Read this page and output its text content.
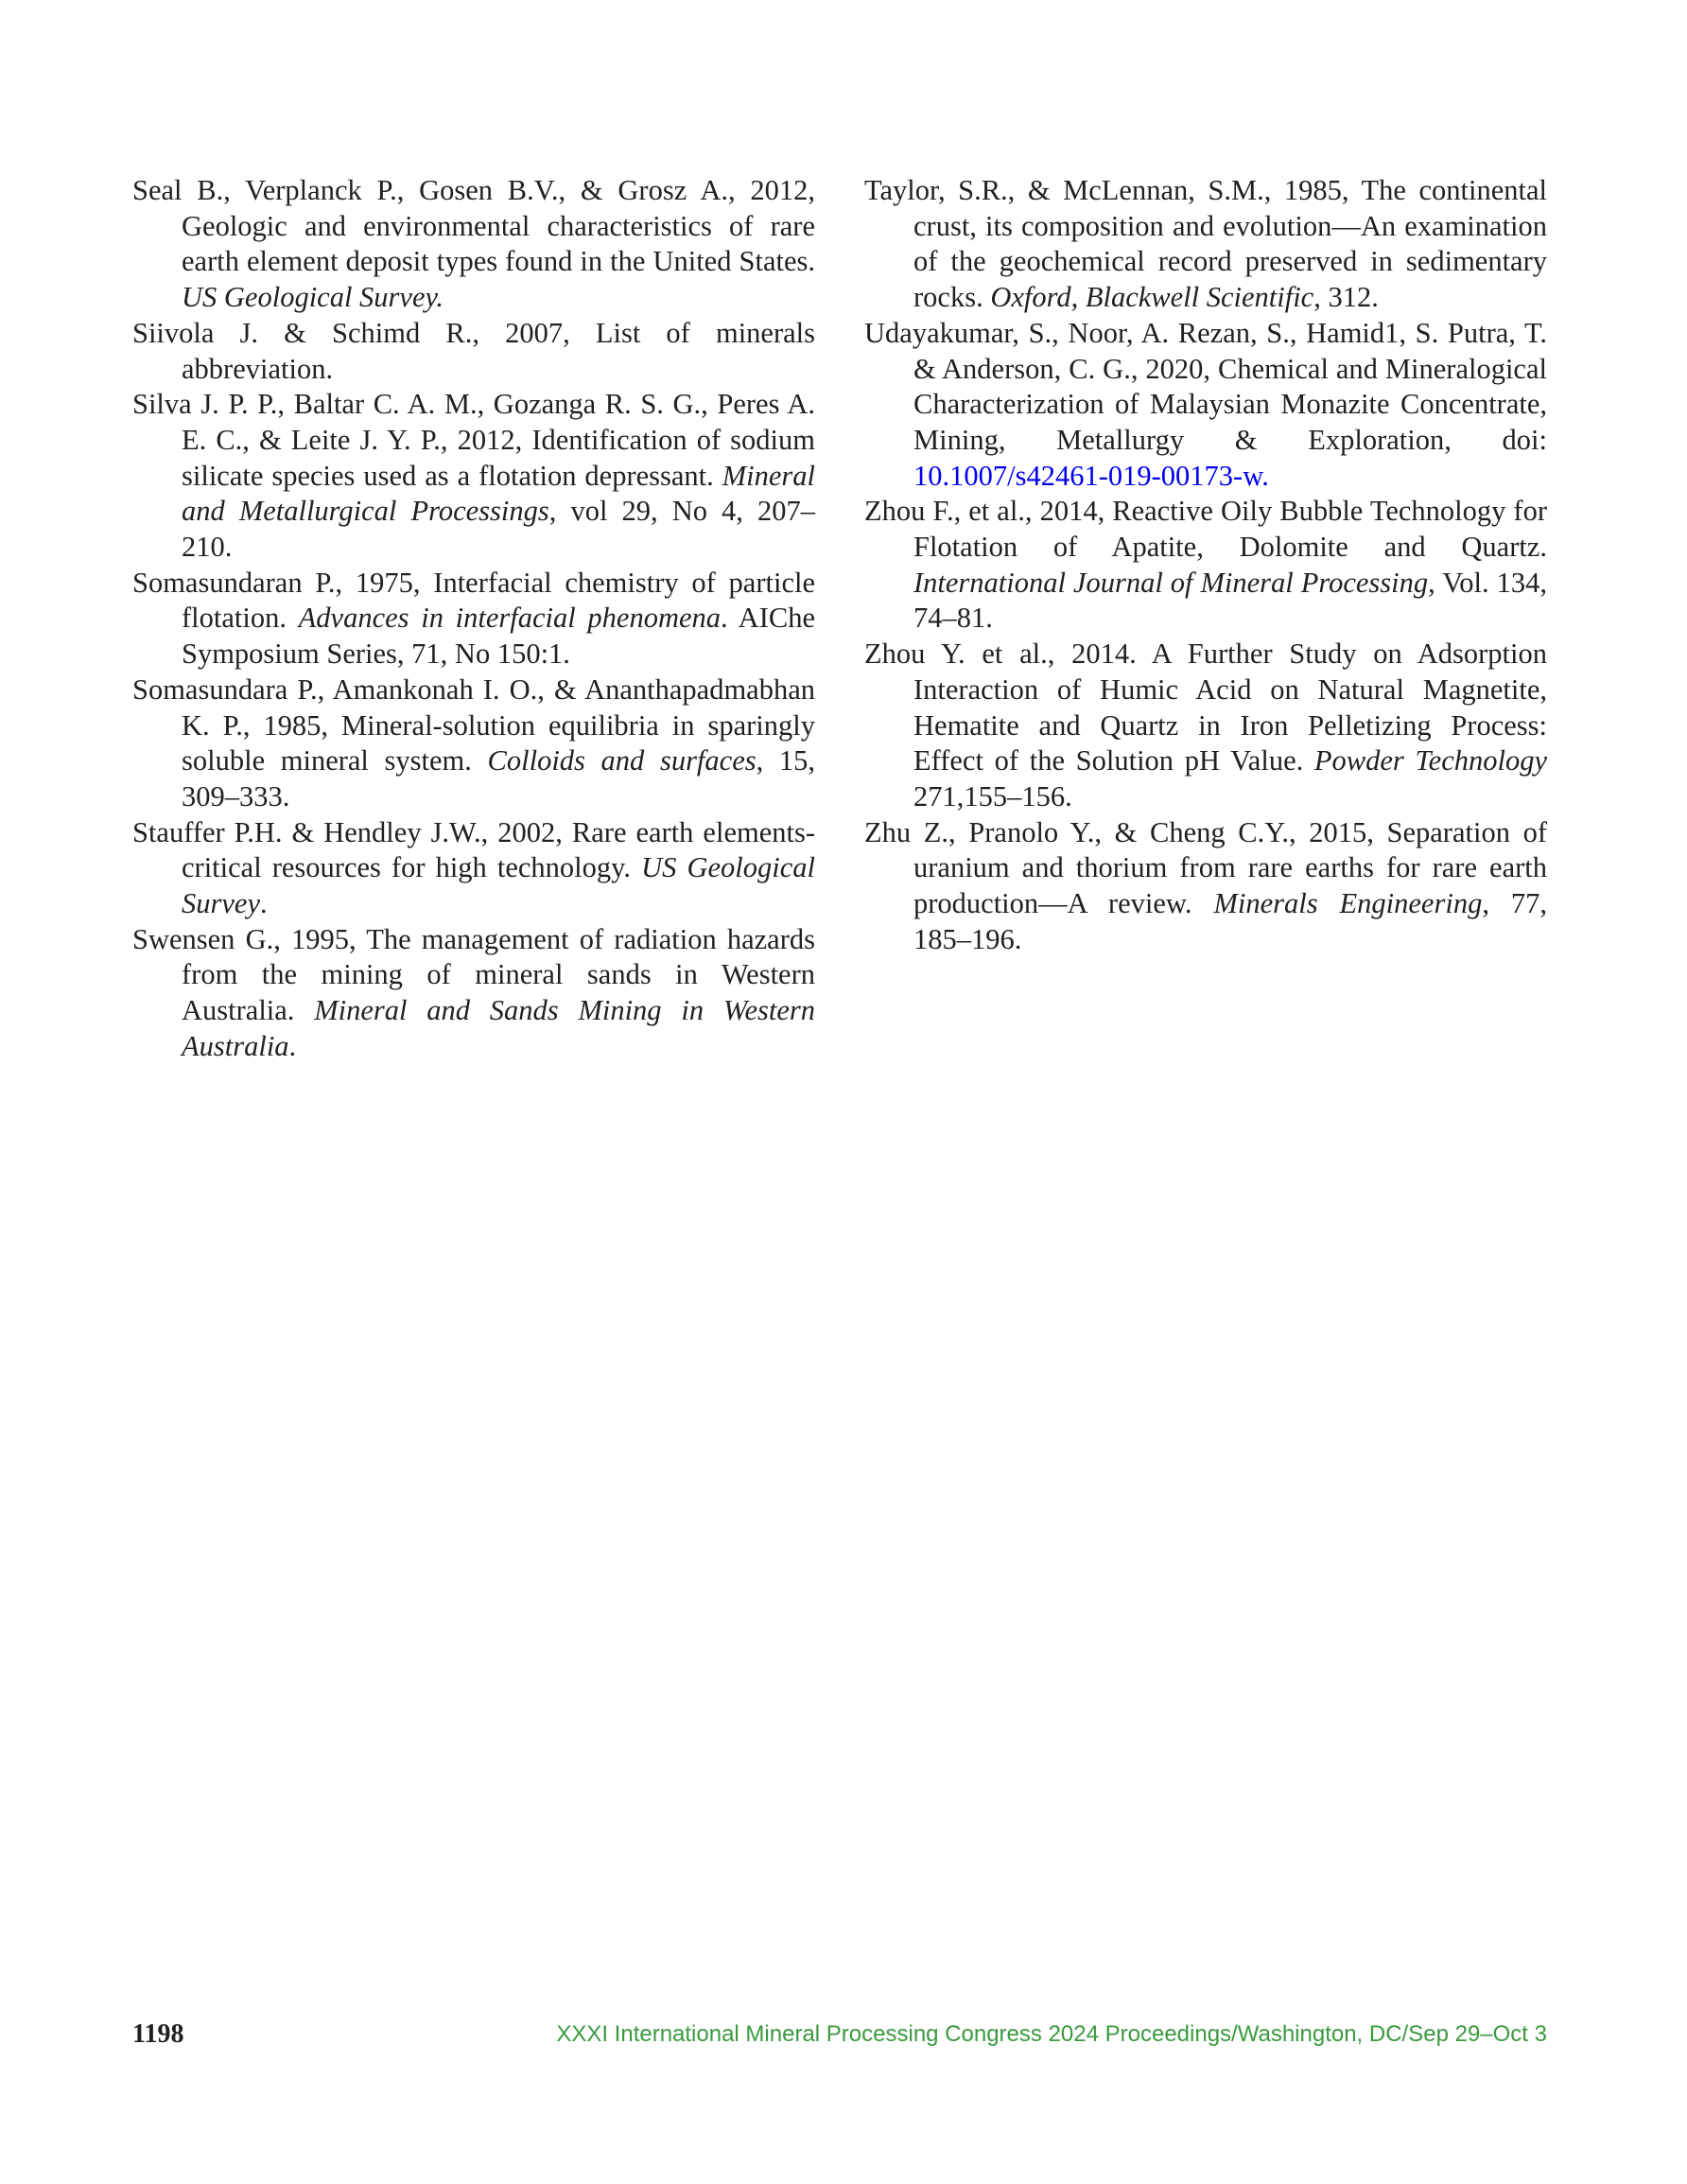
Seal B., Verplanck P., Gosen B.V., & Grosz A., 2012, Geologic and environmental characteristics of rare earth element deposit types found in the United States. US Geological Survey.

Siivola J. & Schimd R., 2007, List of minerals abbreviation.

Silva J. P. P., Baltar C. A. M., Gozanga R. S. G., Peres A. E. C., & Leite J. Y. P., 2012, Identification of sodium silicate species used as a flotation depressant. Mineral and Metallurgical Processings, vol 29, No 4, 207–210.

Somasundaran P., 1975, Interfacial chemistry of particle flotation. Advances in interfacial phenomena. AIChe Symposium Series, 71, No 150:1.

Somasundara P., Amankonah I. O., & Ananthapadmabhan K. P., 1985, Mineral-solution equilibria in sparingly soluble mineral system. Colloids and surfaces, 15, 309–333.

Stauffer P.H. & Hendley J.W., 2002, Rare earth elements-critical resources for high technology. US Geological Survey.

Swensen G., 1995, The management of radiation hazards from the mining of mineral sands in Western Australia. Mineral and Sands Mining in Western Australia.

Taylor, S.R., & McLennan, S.M., 1985, The continental crust, its composition and evolution—An examination of the geochemical record preserved in sedimentary rocks. Oxford, Blackwell Scientific, 312.

Udayakumar, S., Noor, A. Rezan, S., Hamid1, S. Putra, T. & Anderson, C. G., 2020, Chemical and Mineralogical Characterization of Malaysian Monazite Concentrate, Mining, Metallurgy & Exploration, doi: 10.1007/s42461-019-00173-w.

Zhou F., et al., 2014, Reactive Oily Bubble Technology for Flotation of Apatite, Dolomite and Quartz. International Journal of Mineral Processing, Vol. 134, 74–81.

Zhou Y. et al., 2014. A Further Study on Adsorption Interaction of Humic Acid on Natural Magnetite, Hematite and Quartz in Iron Pelletizing Process: Effect of the Solution pH Value. Powder Technology 271,155–156.

Zhu Z., Pranolo Y., & Cheng C.Y., 2015, Separation of uranium and thorium from rare earths for rare earth production—A review. Minerals Engineering, 77, 185–196.

1198	XXXI International Mineral Processing Congress 2024 Proceedings/Washington, DC/Sep 29–Oct 3
